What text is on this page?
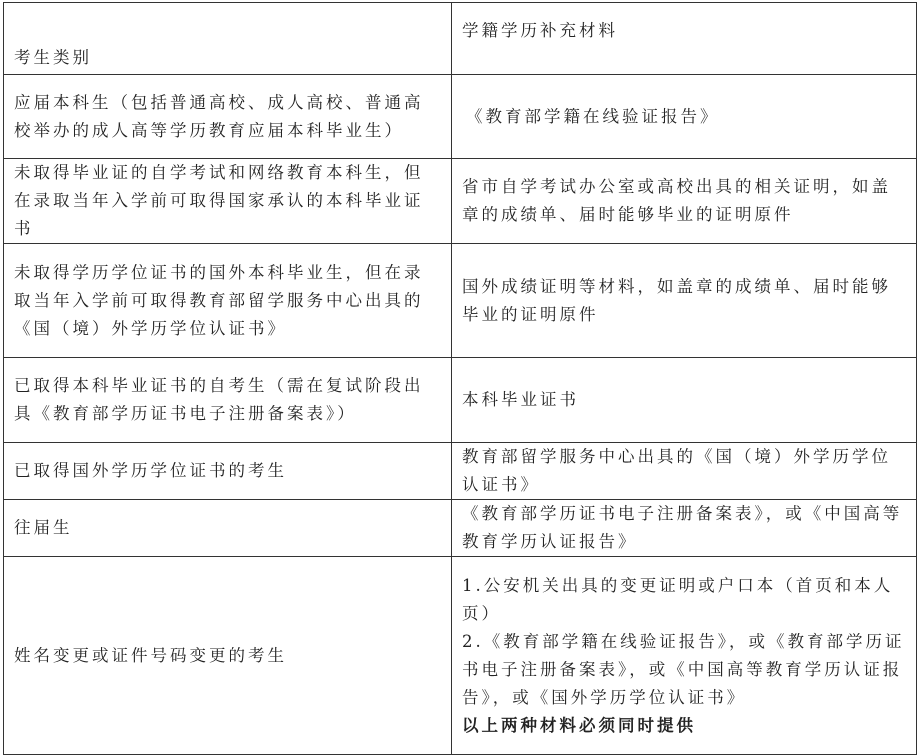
考生类别	学籍学历补充材料
应届本科生（包括普通高校、成人高校、普通高校举办的成人高等学历教育应届本科毕业生）	《教育部学籍在线验证报告》
未取得毕业证的自学考试和网络教育本科生，但在录取当年入学前可取得国家承认的本科毕业证书	省市自学考试办公室或高校出具的相关证明，如盖章的成绩单、届时能够毕业的证明原件
未取得学历学位证书的国外本科毕业生，但在录取当年入学前可取得教育部留学服务中心出具的《国（境）外学历学位认证书》	国外成绩证明等材料，如盖章的成绩单、届时能够毕业的证明原件
已取得本科毕业证书的自考生（需在复试阶段出具《教育部学历证书电子注册备案表》）	本科毕业证书
已取得国外学历学位证书的考生	教育部留学服务中心出具的《国（境）外学历学位认证书》
往届生	《教育部学历证书电子注册备案表》，或《中国高等教育学历认证报告》
姓名变更或证件号码变更的考生	1.公安机关出具的变更证明或户口本（首页和本人页）
2.《教育部学籍在线验证报告》，或《教育部学历证书电子注册备案表》，或《中国高等教育学历认证报告》，或《国外学历学位认证书》
以上两种材料必须同时提供
